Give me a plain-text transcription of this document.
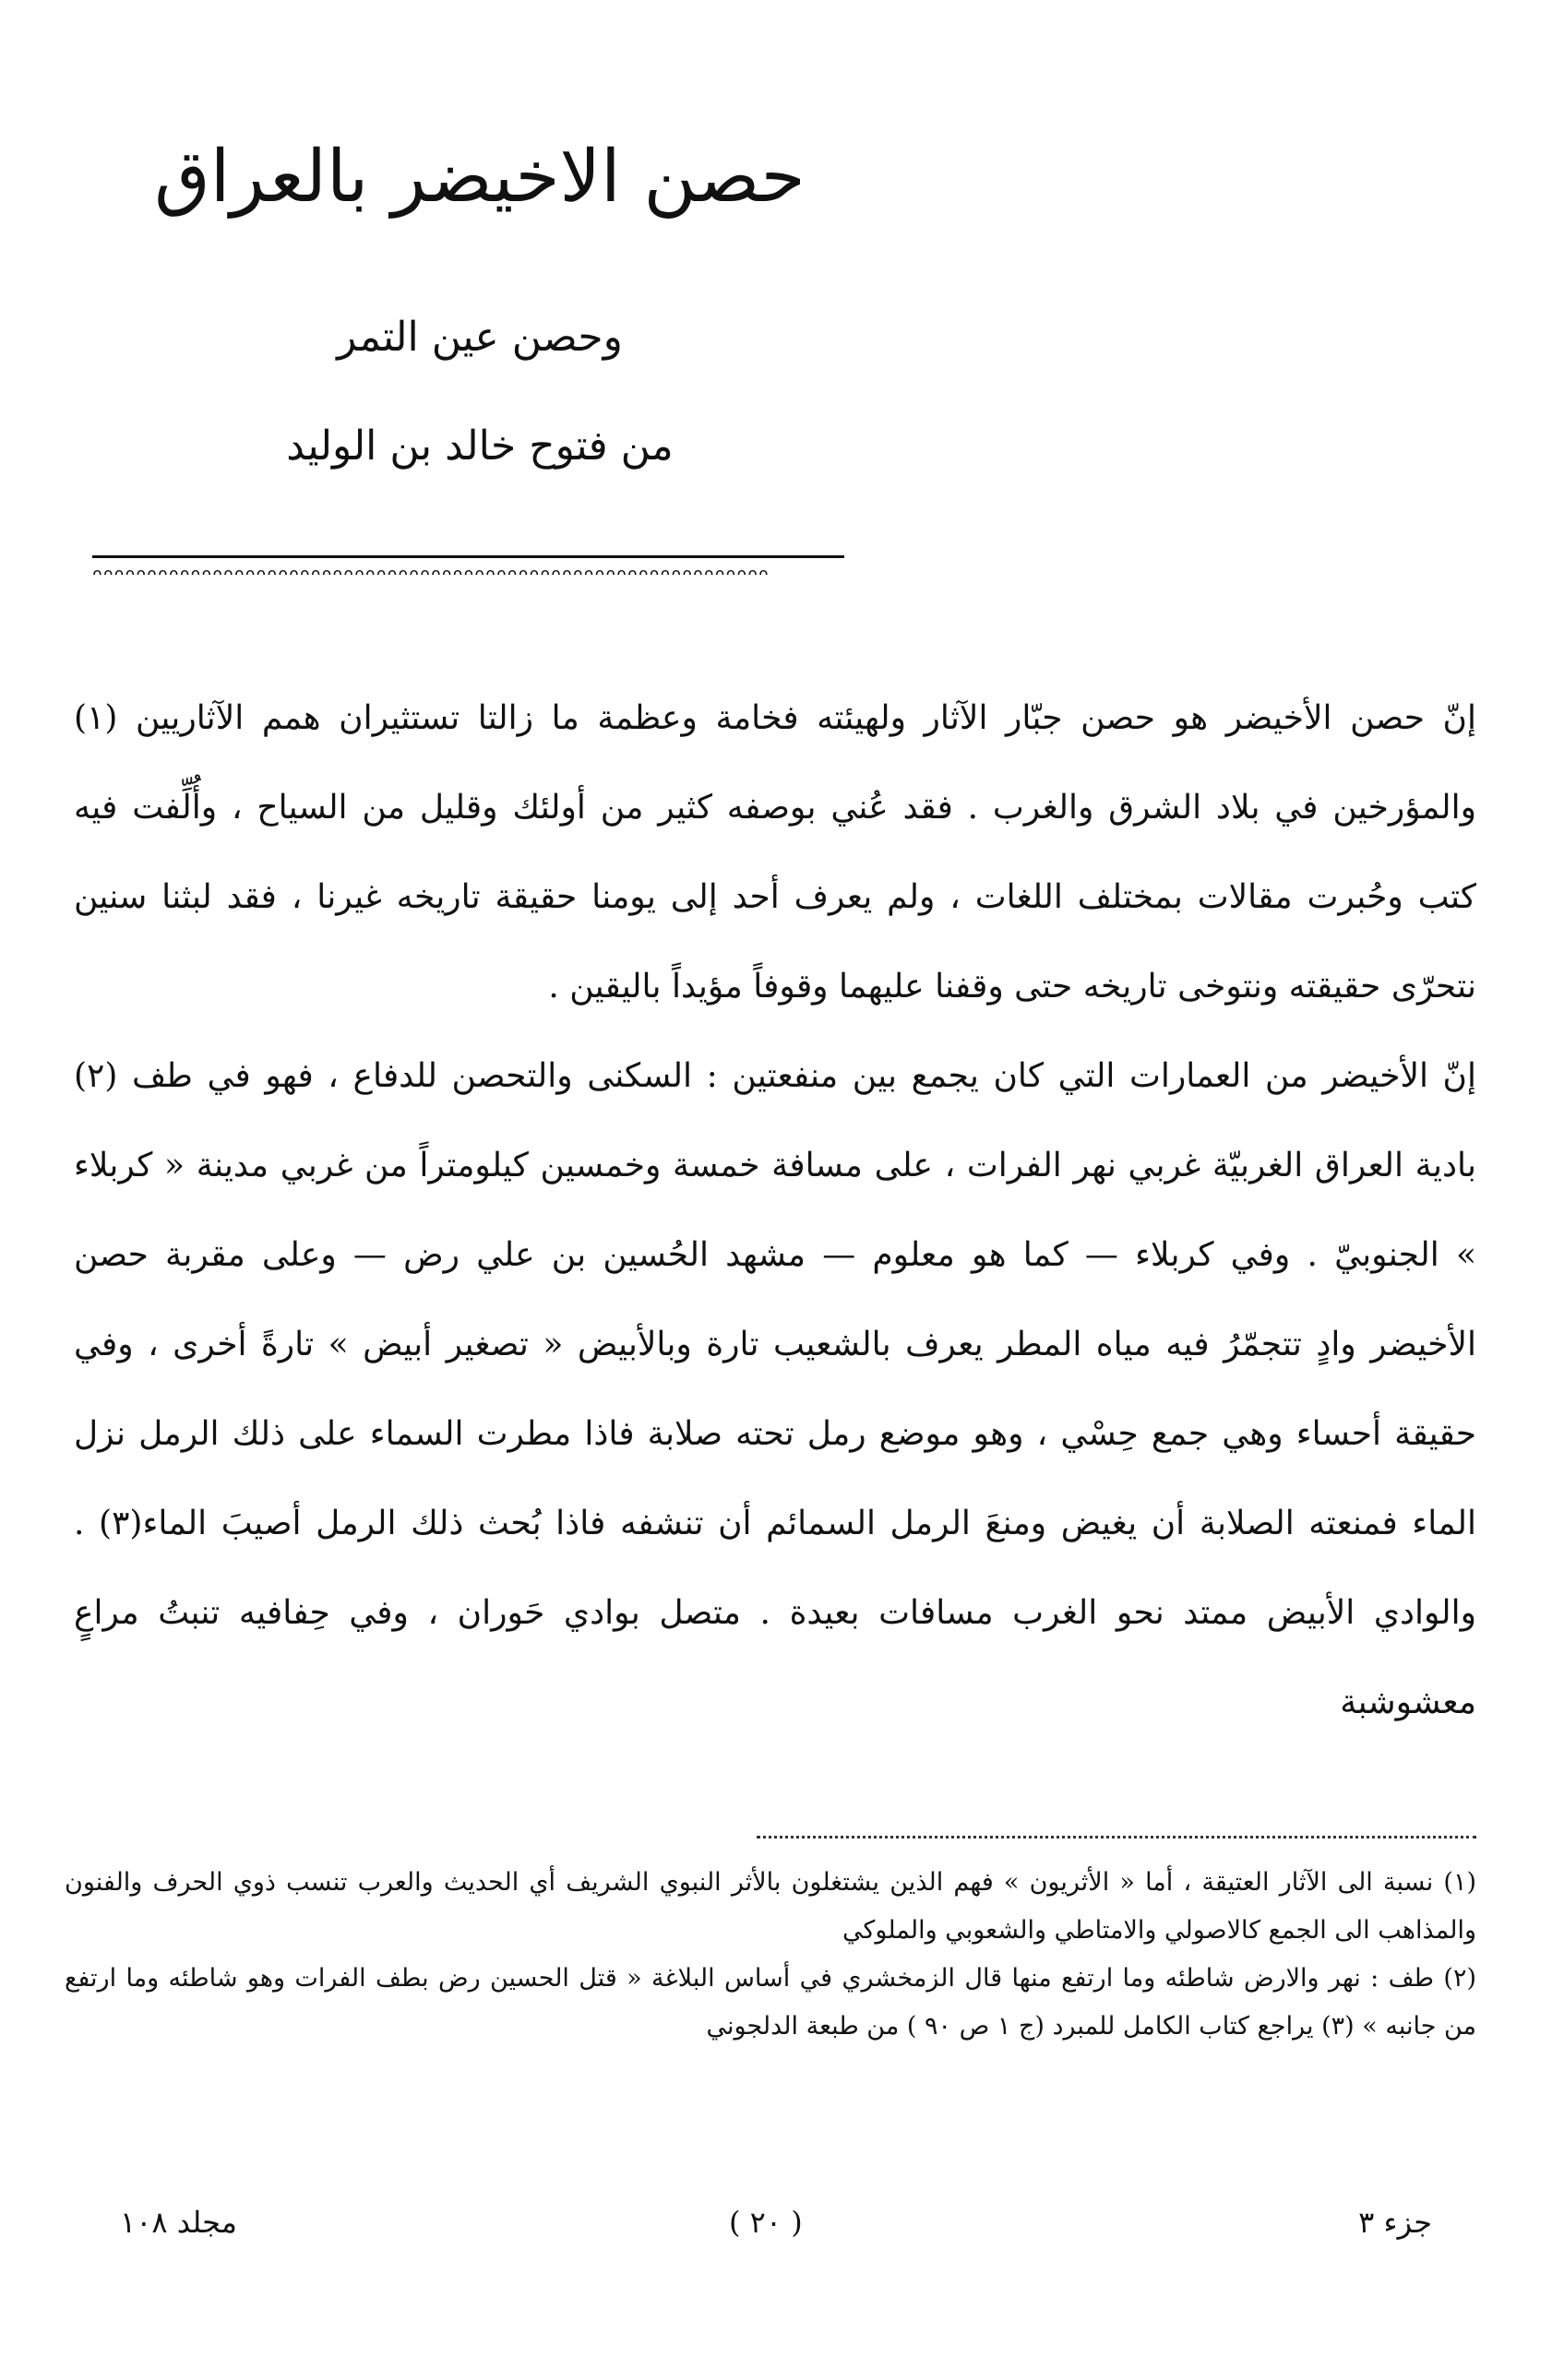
حصن الاخيضر بالعراق
وحصن عين التمر
من فتوح خالد بن الوليد
ᴖᴖᴖᴖᴖᴖᴖᴖᴖᴖᴖᴖᴖᴖᴖᴖᴖᴖᴖᴖᴖᴖᴖᴖᴖᴖᴖᴖᴖᴖᴖᴖᴖᴖᴖᴖᴖᴖᴖᴖᴖᴖᴖᴖᴖᴖᴖᴖᴖᴖᴖᴖᴖᴖᴖᴖᴖᴖᴖᴖᴖᴖ

إنّ حصن الأخيضر هو حصن جبّار الآثار ولهيئته فخامة وعظمة ما زالتا تستثيران همم الآثاريين (١) والمؤرخين في بلاد الشرق والغرب . فقد عُني بوصفه كثير من أولئك وقليل من السياح ، وأُلِّفت فيه كتب وحُبرت مقالات بمختلف اللغات ، ولم يعرف أحد إلى يومنا حقيقة تاريخه غيرنا ، فقد لبثنا سنين نتحرّى حقيقته ونتوخى تاريخه حتى وقفنا عليهما وقوفاً مؤيداً باليقين .

إنّ الأخيضر من العمارات التي كان يجمع بين منفعتين : السكنى والتحصن للدفاع ، فهو في طف (٢) بادية العراق الغربيّة غربي نهر الفرات ، على مسافة خمسة وخمسين كيلومتراً من غربي مدينة « كربلاء » الجنوبيّ . وفي كربلاء — كما هو معلوم — مشهد الحُسين بن علي رض — وعلى مقربة حصن الأخيضر وادٍ تتجمّرُ فيه مياه المطر يعرف بالشعيب تارة وبالأبيض « تصغير أبيض » تارةً أخرى ، وفي حقيقة أحساء وهي جمع حِسْي ، وهو موضع رمل تحته صلابة فاذا مطرت السماء على ذلك الرمل نزل الماء فمنعته الصلابة أن يغيض ومنعَ الرمل السمائم أن تنشفه فاذا بُحث ذلك الرمل أصيبَ الماء(٣) . والوادي الأبيض ممتد نحو الغرب مسافات بعيدة . متصل بوادي حَوران ، وفي حِفافيه تنبتُ مراعٍ معشوشبة

(١) نسبة الى الآثار العتيقة ، أما « الأثريون » فهم الذين يشتغلون بالأثر النبوي الشريف أي الحديث والعرب تنسب ذوي الحرف والفنون والمذاهب الى الجمع كالاصولي والامتاطي والشعوبي والملوكي

(٢) طف : نهر والارض شاطئه وما ارتفع منها قال الزمخشري في أساس البلاغة « قتل الحسين رض بطف الفرات وهو شاطئه وما ارتفع من جانبه » (٣) يراجع كتاب الكامل للمبرد (ج ١ ص ٩٠ ) من طبعة الدلجوني

جزء ٣
( ٢٠ )
مجلد ١٠٨
